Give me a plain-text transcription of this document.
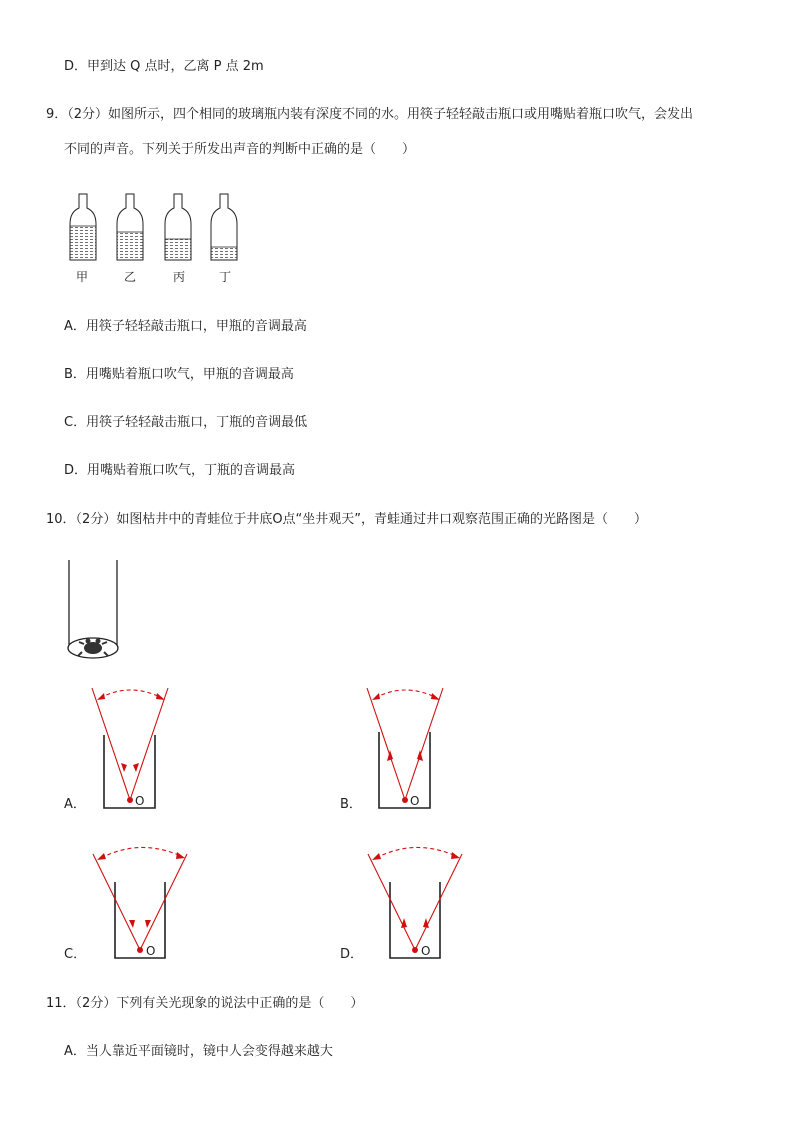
D．甲到达 Q 点时，乙离 P 点 2m
9．（2分）如图所示，四个相同的玻璃瓶内装有深度不同的水。用筷子轻轻敲击瓶口或用嘴贴着瓶口吹气，会发出
不同的声音。下列关于所发出声音的判断中正确的是（　　）
甲	乙	丙	丁
A．用筷子轻轻敲击瓶口，甲瓶的音调最高
B．用嘴贴着瓶口吹气，甲瓶的音调最高
C．用筷子轻轻敲击瓶口，丁瓶的音调最低
D．用嘴贴着瓶口吹气，丁瓶的音调最高
10．（2分）如图枯井中的青蛙位于井底O点“坐井观天”，青蛙通过井口观察范围正确的光路图是（　　）
O
A．	O
B．
O
C．	O
D．
11．（2分）下列有关光现象的说法中正确的是（　　）
A．当人靠近平面镜时，镜中人会变得越来越大
